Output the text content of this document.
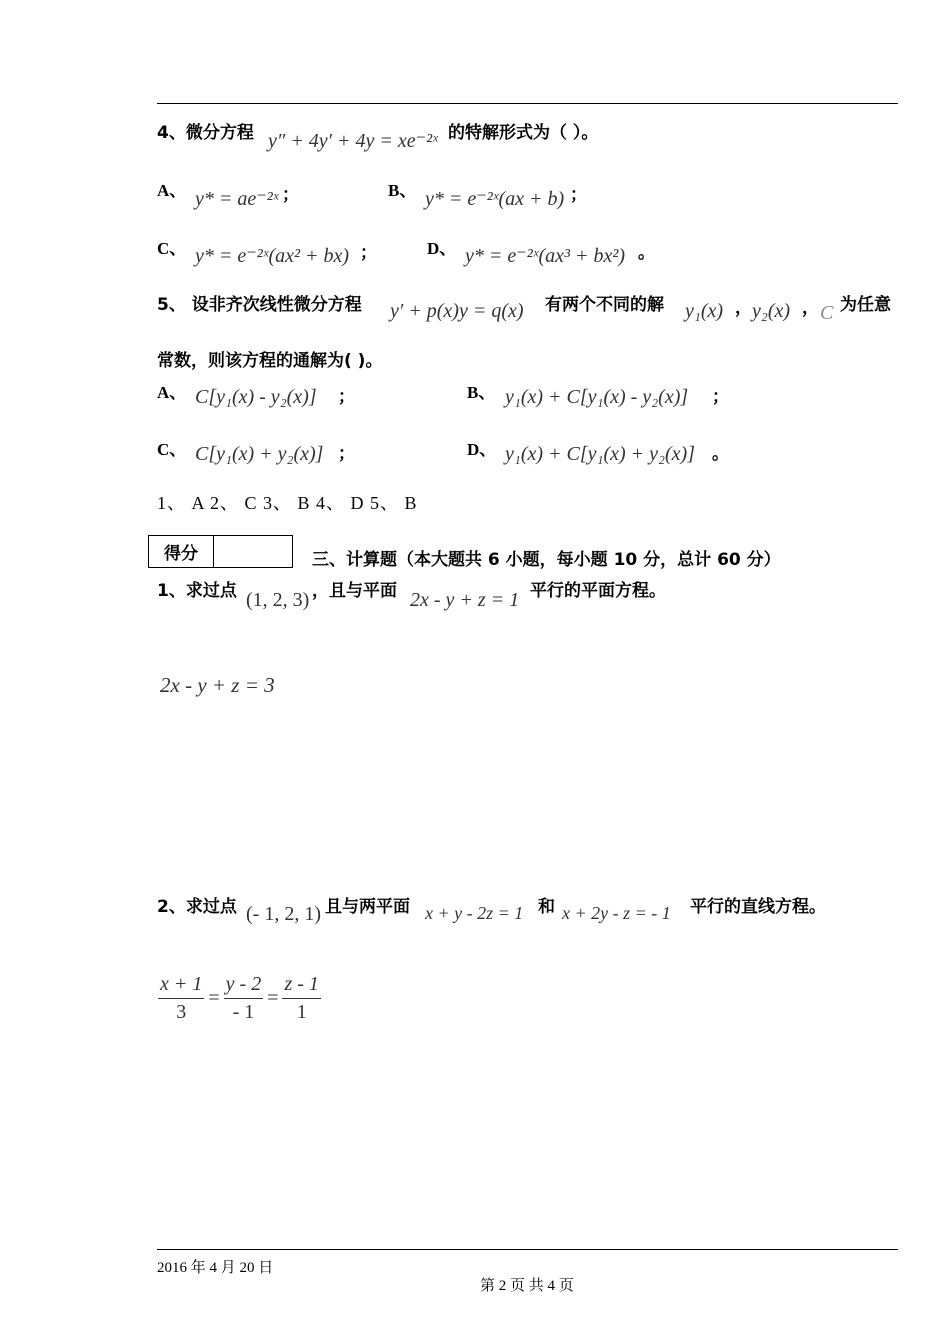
4、微分方程 y″ + 4y′ + 4y = xe⁻²ˣ 的特解形式为（ ）。
A、 y* = ae⁻²ˣ ；	B、 y* = e⁻²ˣ(ax + b) ；
C、 y* = e⁻²ˣ(ax² + bx) ；	D、 y* = e⁻²ˣ(ax³ + bx²) 。
5、 设非齐次线性微分方程 y′ + p(x)y = q(x) 有两个不同的解 y₁(x) ， y₂(x) ， C 为任意
常数，则该方程的通解为( )。
A、 C[y₁(x) - y₂(x)] ；	B、 y₁(x) + C[y₁(x) - y₂(x)] ；
C、 C[y₁(x) + y₂(x)] ；	D、 y₁(x) + C[y₁(x) + y₂(x)] 。
1、 A 2、 C 3、 B 4、 D 5、 B
得分	三、计算题（本大题共 6 小题，每小题 10 分，总计 60 分）
1、求过点 (1, 2, 3) ，且与平面 2x - y + z = 1 平行的平面方程。
2x - y + z = 3
2、求过点 (- 1, 2, 1) 且与两平面 x + y - 2z = 1 和 x + 2y - z = - 1 平行的直线方程。
$\frac{x + 1}{3} = \frac{y - 2}{- 1} = \frac{z - 1}{1}$
2016 年 4 月 20 日
第 2 页 共 4 页
